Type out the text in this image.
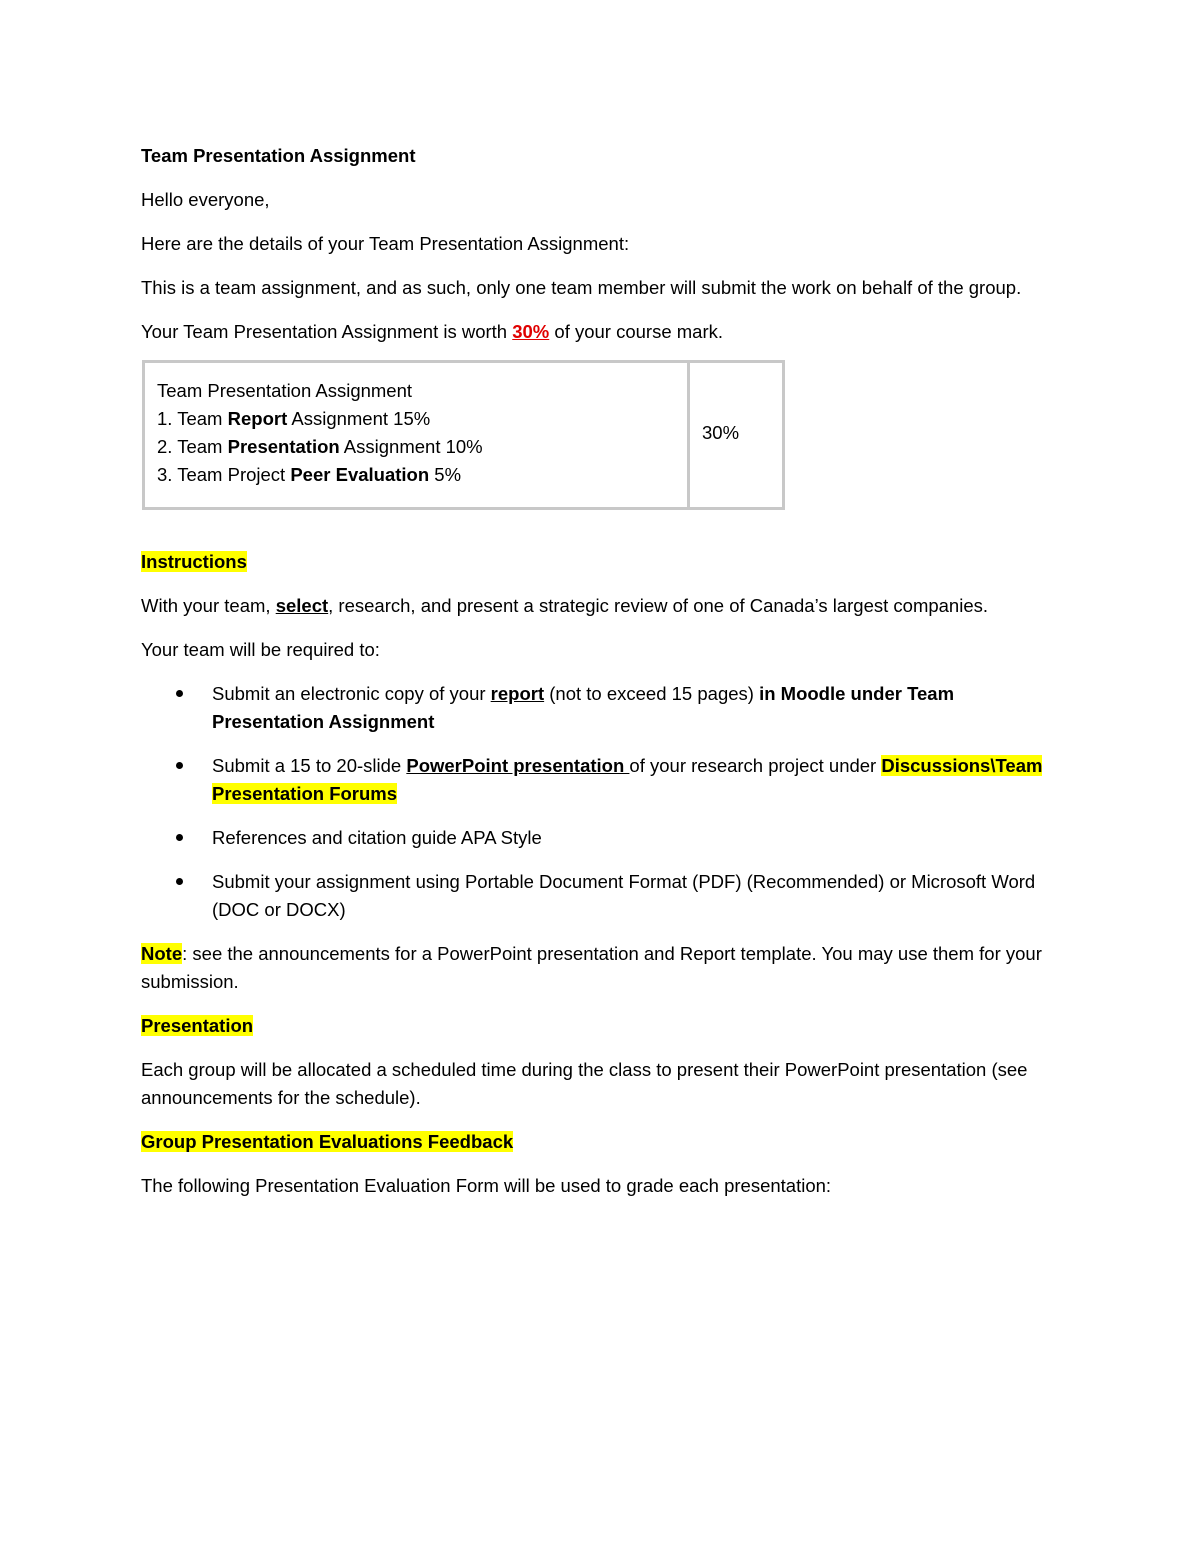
Team Presentation Assignment

Hello everyone,

Here are the details of your Team Presentation Assignment:

This is a team assignment, and as such, only one team member will submit the work on behalf of the group.

Your Team Presentation Assignment is worth 30% of your course mark.

Team Presentation Assignment
1. Team Report Assignment 15%
2. Team Presentation Assignment 10%
3. Team Project Peer Evaluation 5%
	30%

Instructions

With your team, select, research, and present a strategic review of one of Canada’s largest companies.

Your team will be required to:

Submit an electronic copy of your report (not to exceed 15 pages) in Moodle under Team Presentation Assignment
Submit a 15 to 20-slide PowerPoint presentation of your research project under Discussions\Team Presentation Forums
References and citation guide APA Style
Submit your assignment using Portable Document Format (PDF) (Recommended) or Microsoft Word (DOC or DOCX)

Note: see the announcements for a PowerPoint presentation and Report template. You may use them for your submission.

Presentation

Each group will be allocated a scheduled time during the class to present their PowerPoint presentation (see announcements for the schedule).

Group Presentation Evaluations Feedback

The following Presentation Evaluation Form will be used to grade each presentation:
